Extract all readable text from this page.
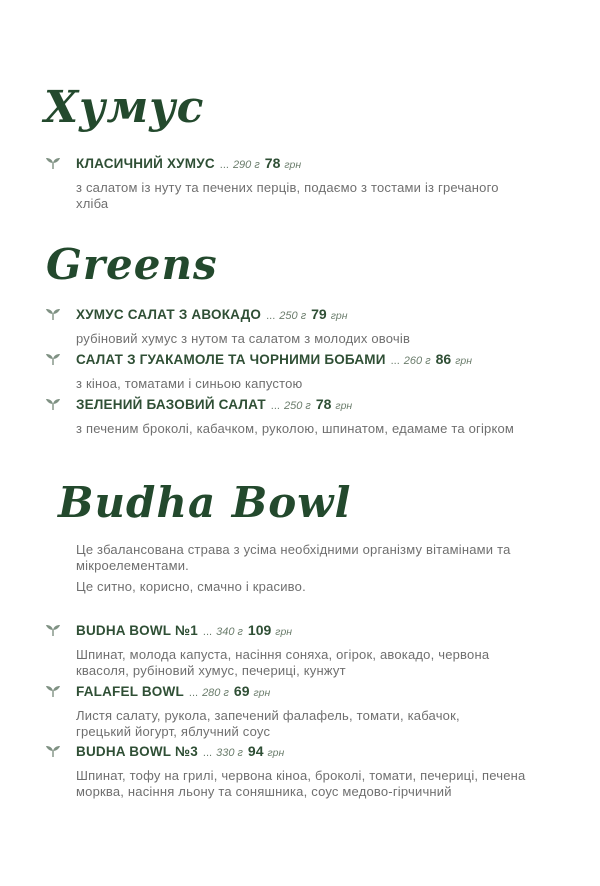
Хумус
КЛАСИЧНИЙ ХУМУС ... 290 г 78 грн
з салатом із нуту та печених перців, подаємо з тостами із гречаного хліба
Greens
ХУМУС САЛАТ З АВОКАДО ... 250 г 79 грн
рубіновий хумус з нутом та салатом з молодих овочів
САЛАТ З ГУАКАМОЛЕ ТА ЧОРНИМИ БОБАМИ ... 260 г 86 грн
з кіноа, томатами і синьою капустою
ЗЕЛЕНИЙ БАЗОВИЙ САЛАТ ... 250 г 78 грн
з печеним броколі, кабачком, руколою, шпинатом, едамаме та огірком
Budha Bowl
Це збалансована страва з усіма необхідними організму вітамінами та мікроелементами.
Це ситно, корисно, смачно і красиво.
BUDHA BOWL №1 ... 340 г 109 грн
Шпинат, молода капуста, насіння соняха, огірок, авокадо, червона квасоля, рубіновий хумус, печериці, кунжут
FALAFEL BOWL ... 280 г 69 грн
Листя салату, рукола, запечений фалафель, томати, кабачок, грецький йогурт, яблучний соус
BUDHA BOWL №3 ... 330 г 94 грн
Шпинат, тофу на грилі, червона кіноа, броколі, томати, печериці, печена морква, насіння льону та соняшника, соус медово-гірчичний
